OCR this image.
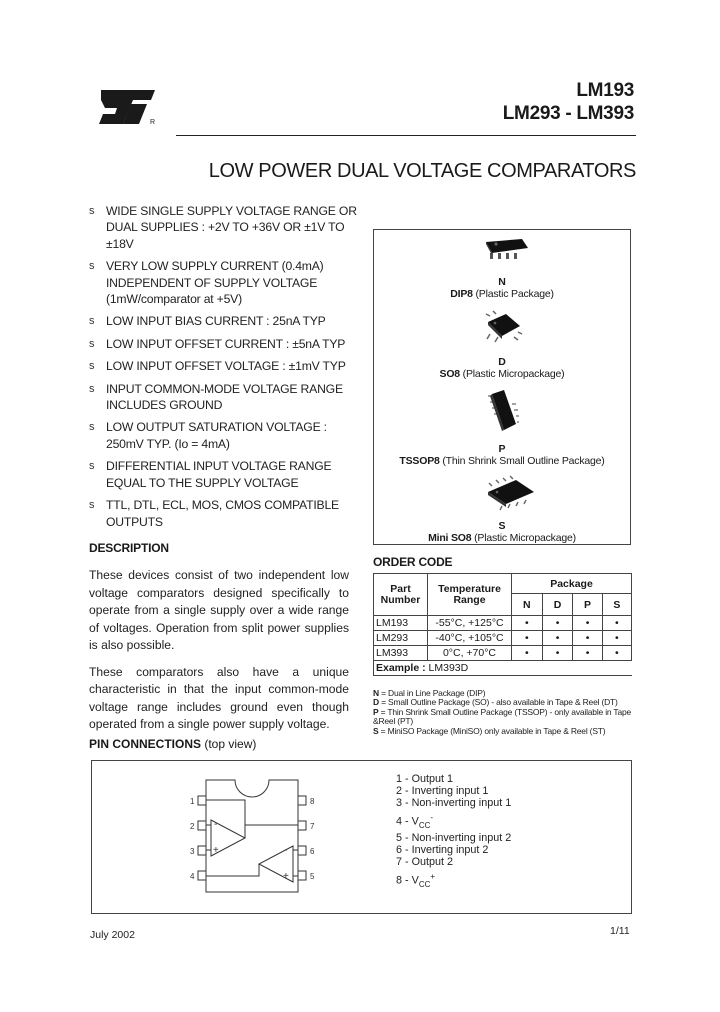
R
LM193
LM293 - LM393
LOW POWER DUAL VOLTAGE COMPARATORS
s WIDE SINGLE SUPPLY VOLTAGE RANGE OR DUAL SUPPLIES : +2V TO +36V OR ±1V TO ±18V
s VERY LOW SUPPLY CURRENT (0.4mA) INDEPENDENT OF SUPPLY VOLTAGE (1mW/comparator at +5V)
s LOW INPUT BIAS CURRENT : 25nA TYP
s LOW INPUT OFFSET CURRENT : ±5nA TYP
s LOW INPUT OFFSET VOLTAGE : ±1mV TYP
s INPUT COMMON-MODE VOLTAGE RANGE INCLUDES GROUND
s LOW OUTPUT SATURATION VOLTAGE : 250mV TYP. (Io = 4mA)
s DIFFERENTIAL INPUT VOLTAGE RANGE EQUAL TO THE SUPPLY VOLTAGE
s TTL, DTL, ECL, MOS, CMOS COMPATIBLE OUTPUTS
DESCRIPTION

These devices consist of two independent low voltage comparators designed specifically to operate from a single supply over a wide range of voltages. Operation from split power supplies is also possible.

These comparators also have a unique characteristic in that the input common-mode voltage range includes ground even though operated from a single power supply voltage.

N
DIP8 (Plastic Package)
D
SO8 (Plastic Micropackage)
P
TSSOP8 (Thin Shrink Small Outline Package)
S
Mini SO8 (Plastic Micropackage)
ORDER CODE
Part Number	Temperature Range	Package			
		N	D	P	S
LM193	-55°C, +125°C	•	•	•	•
LM293	-40°C, +105°C	•	•	•	•
LM393	0°C, +70°C	•	•	•	•
Example : LM393D					
N = Dual in Line Package (DIP)
D = Small Outline Package (SO) - also available in Tape & Reel (DT)
P = Thin Shrink Small Outline Package (TSSOP) - only available in Tape &Reel (PT)
S = MiniSO Package (MiniSO) only available in Tape & Reel (ST)
PIN CONNECTIONS (top view)
-
+	-
+
1
2
3
4
8
7
6
5
1 - Output 1
2 - Inverting input 1
3 - Non-inverting input 1
$4 - V_{CC}^-$
5 - Non-inverting input 2
6 - Inverting input 2
7 - Output 2
$8 - V_{CC}^+$
July 2002	1/11
